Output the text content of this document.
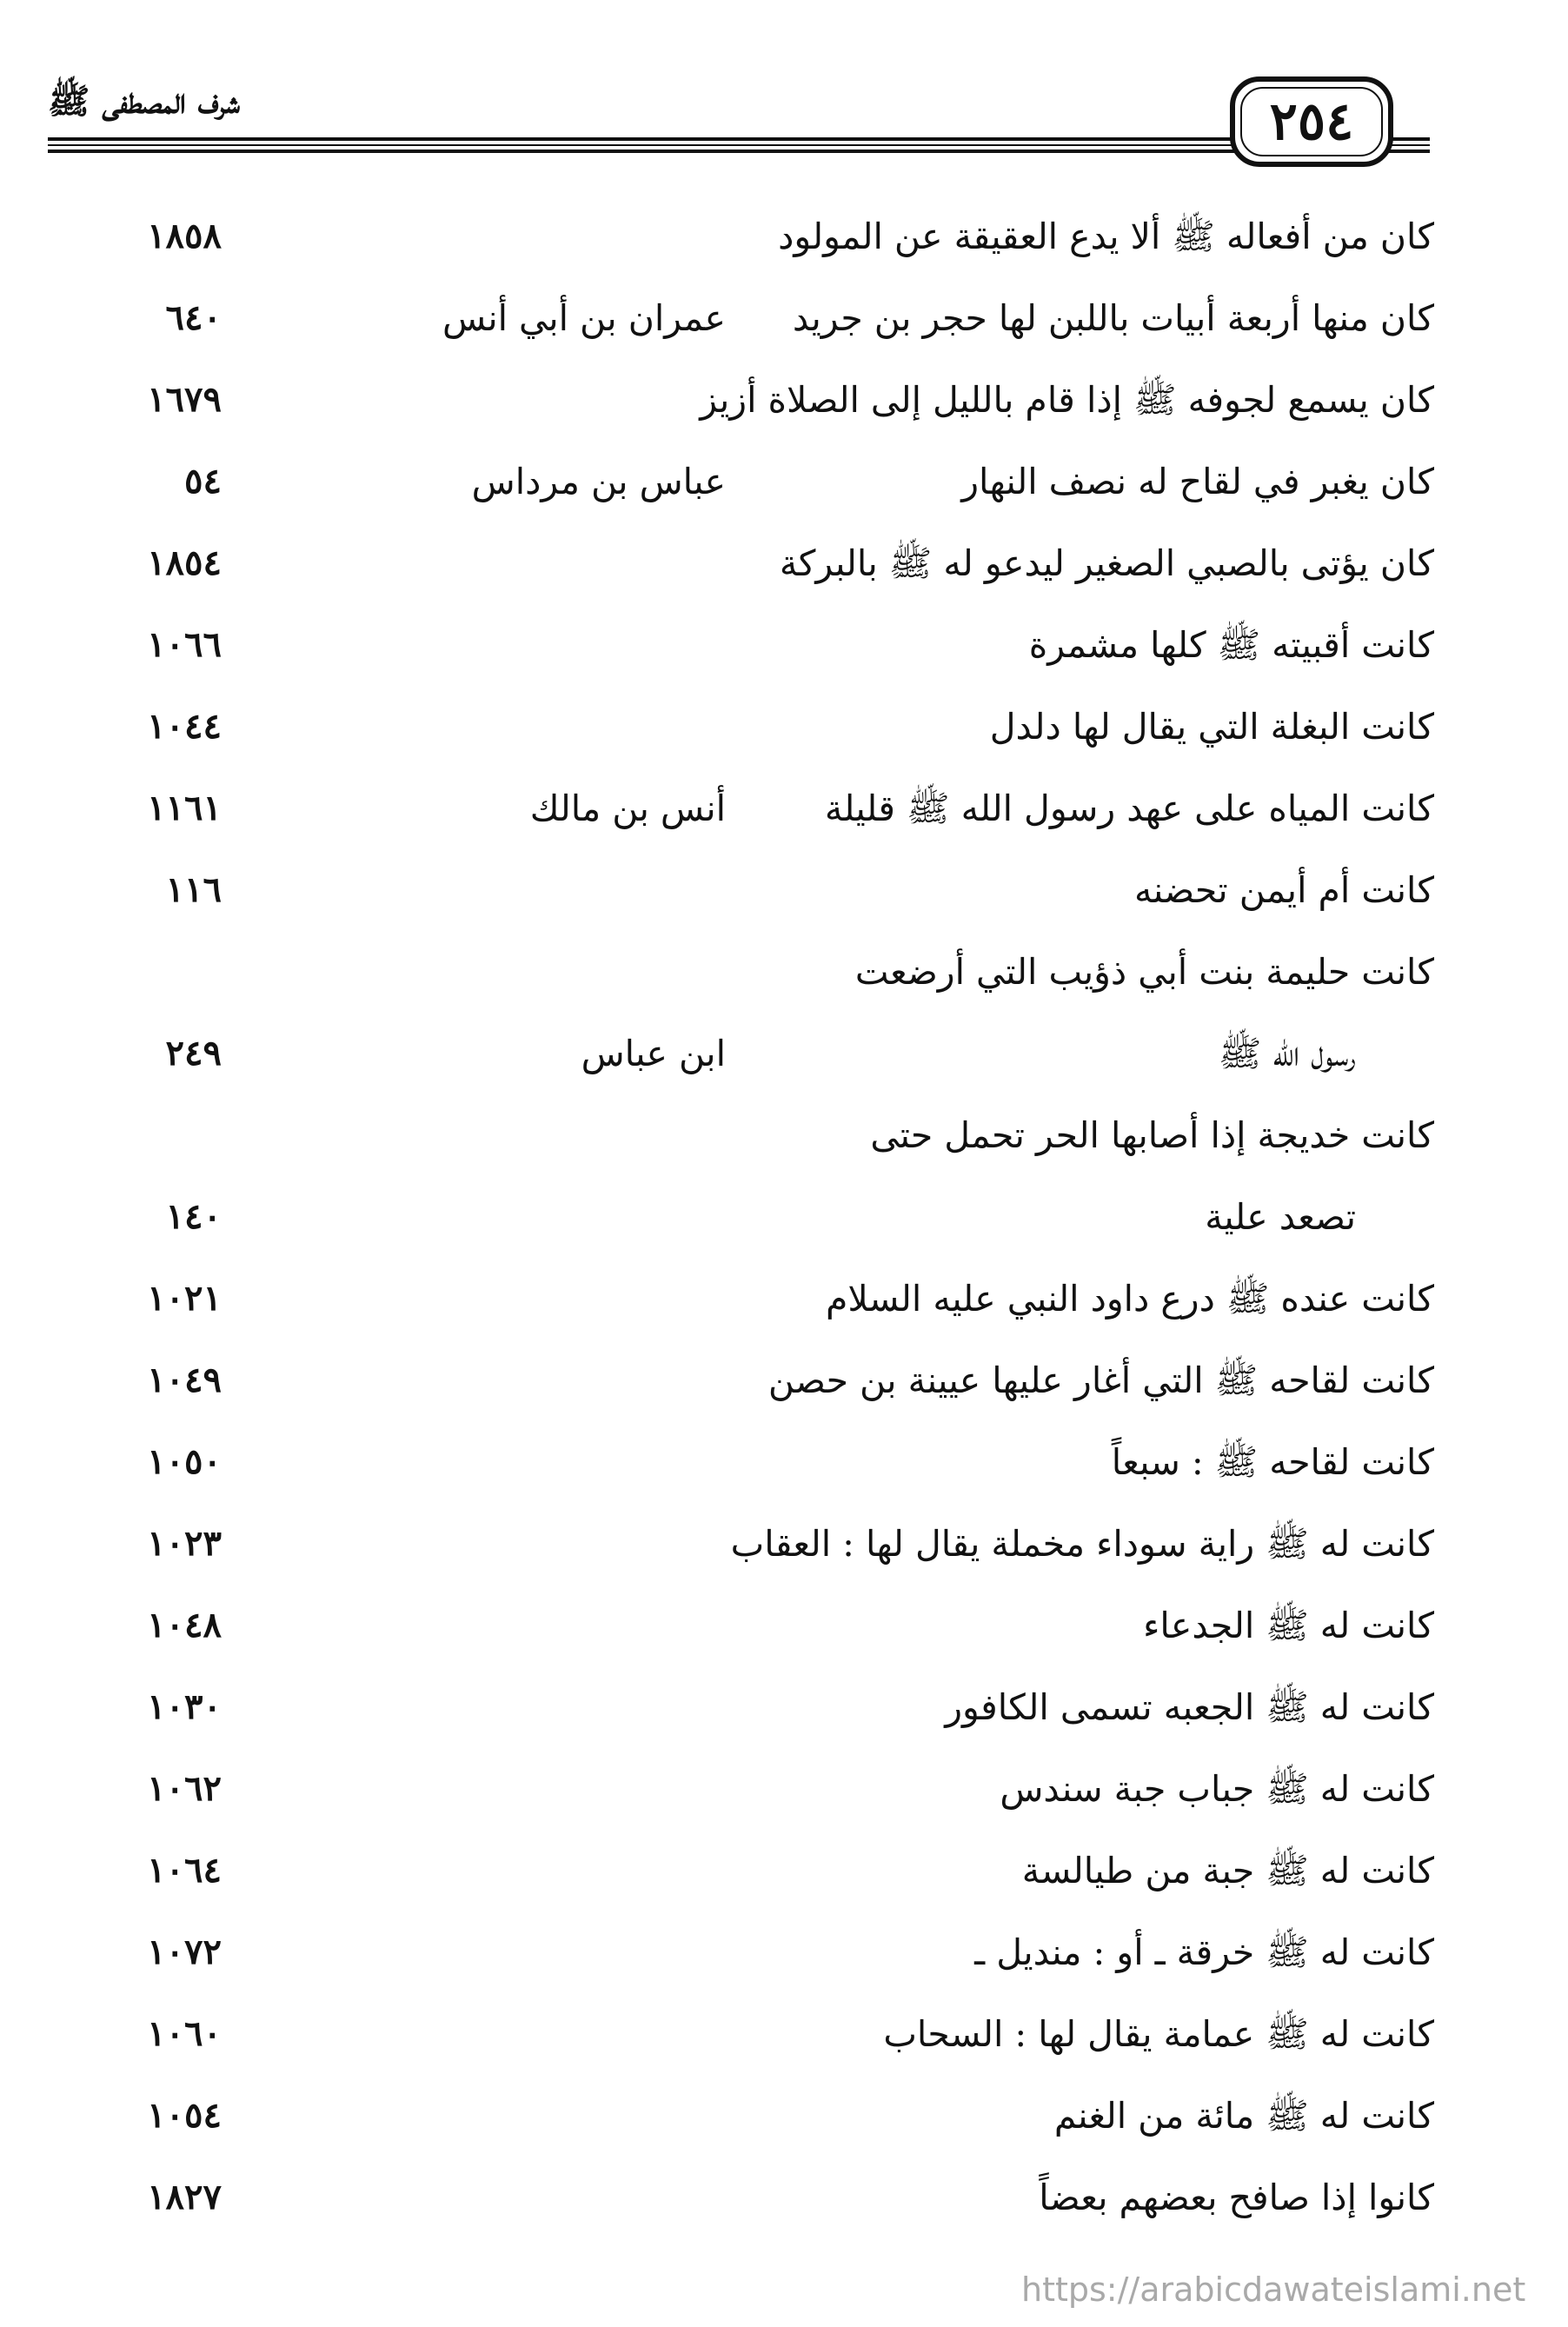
شرف المصطفى ﷺ	٢٥٤
كان من أفعاله ﷺ ألا يدع العقيقة عن المولود
١٨٥٨
كان منها أربعة أبيات باللبن لها حجر بن جريد
عمران بن أبي أنس
٦٤٠
كان يسمع لجوفه ﷺ إذا قام بالليل إلى الصلاة أزيز
١٦٧٩
كان يغبر في لقاح له نصف النهار
عباس بن مرداس
٥٤
كان يؤتى بالصبي الصغير ليدعو له ﷺ بالبركة
١٨٥٤
كانت أقبيته ﷺ كلها مشمرة
١٠٦٦
كانت البغلة التي يقال لها دلدل
١٠٤٤
كانت المياه على عهد رسول الله ﷺ قليلة
أنس بن مالك
١١٦١
كانت أم أيمن تحضنه
١١٦
كانت حليمة بنت أبي ذؤيب التي أرضعت
رسول الله ﷺ
ابن عباس
٢٤٩
كانت خديجة إذا أصابها الحر تحمل حتى
تصعد علية
١٤٠
كانت عنده ﷺ درع داود النبي عليه السلام
١٠٢١
كانت لقاحه ﷺ التي أغار عليها عيينة بن حصن
١٠٤٩
كانت لقاحه ﷺ : سبعاً
١٠٥٠
كانت له ﷺ راية سوداء مخملة يقال لها : العقاب
١٠٢٣
كانت له ﷺ الجدعاء
١٠٤٨
كانت له ﷺ الجعبه تسمى الكافور
١٠٣٠
كانت له ﷺ جباب جبة سندس
١٠٦٢
كانت له ﷺ جبة من طيالسة
١٠٦٤
كانت له ﷺ خرقة ـ أو : منديل ـ
١٠٧٢
كانت له ﷺ عمامة يقال لها : السحاب
١٠٦٠
كانت له ﷺ مائة من الغنم
١٠٥٤
كانوا إذا صافح بعضهم بعضاً
١٨٢٧
https://arabicdawateislami.net
